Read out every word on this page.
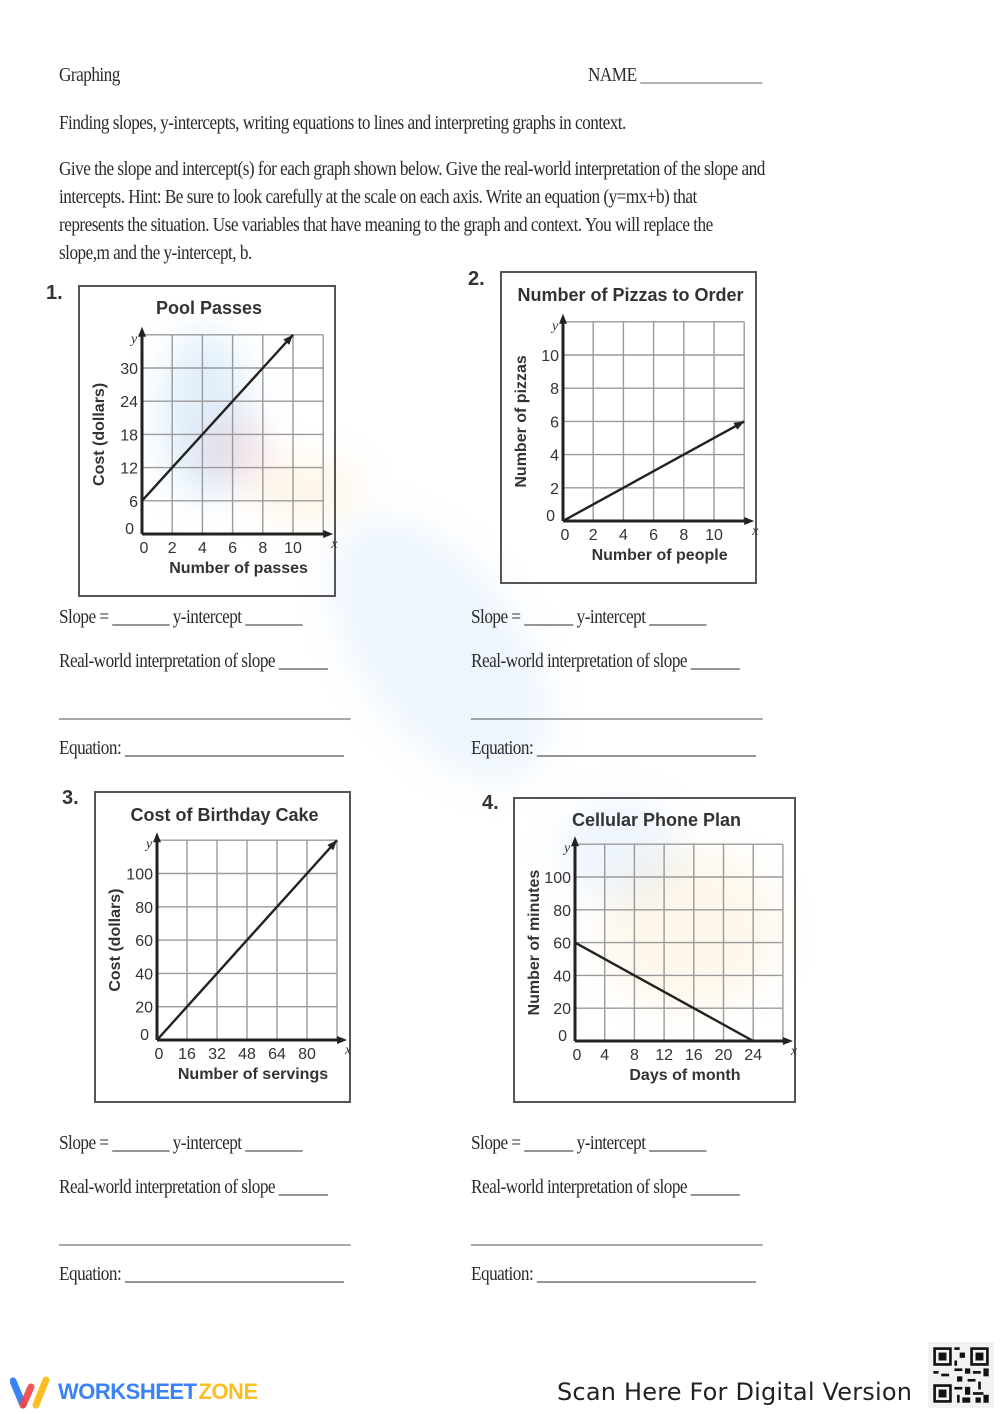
Graphing	NAME _______________
Finding slopes, y-intercepts, writing equations to lines and interpreting graphs in context.
Give the slope and intercept(s) for each graph shown below. Give the real-world interpretation of the slope and
intercepts. Hint: Be sure to look carefully at the scale on each axis. Write an equation (y=mx+b) that
represents the situation. Use variables that have meaning to the graph and context. You will replace the
slope,m and the y-intercept, b.
1.
Pool Passes
x
y
0 2 4 6 8 10
0
6
12
18
24
30
Number of passes
Cost (dollars)
2.
Number of Pizzas to Order
x
y
0 2 4 6 8 10
0
2
4
6
8
10
Number of people
Number of pizzas
3.
Cost of Birthday Cake
x
y
0 16 32 48 64 80
0
20
40
60
80
100
Number of servings
Cost (dollars)
4.
Cellular Phone Plan
x
y
0 4 8 12 16 20 24
0
20
40
60
80
100
Days of month
Number of minutes
Slope = _______ y-intercept _______
Real-world interpretation of slope ______
____________________________________
Equation: ___________________________
Slope = ______ y-intercept _______
Real-world interpretation of slope ______
____________________________________
Equation: ___________________________
Slope = _______ y-intercept _______
Real-world interpretation of slope ______
____________________________________
Equation: ___________________________
Slope = ______ y-intercept _______
Real-world interpretation of slope ______
____________________________________
Equation: ___________________________
WORKSHEET ZONE	Scan Here For Digital Version
